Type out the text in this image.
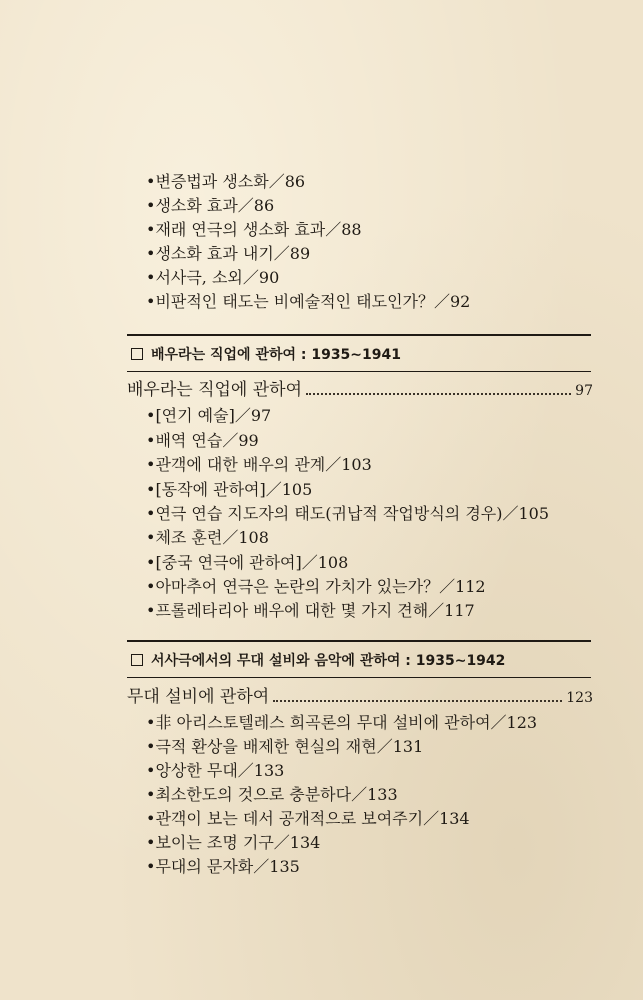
•변증법과 생소화／86
•생소화 효과／86
•재래 연극의 생소화 효과／88
•생소화 효과 내기／89
•서사극, 소외／90
•비판적인 태도는 비예술적인 태도인가？／92
배우라는 직업에 관하여 : 1935∼1941
배우라는 직업에 관하여	97
•[연기 예술]／97
•배역 연습／99
•관객에 대한 배우의 관계／103
•[동작에 관하여]／105
•연극 연습 지도자의 태도(귀납적 작업방식의 경우)／105
•체조 훈련／108
•[중국 연극에 관하여]／108
•아마추어 연극은 논란의 가치가 있는가？／112
•프롤레타리아 배우에 대한 몇 가지 견해／117
서사극에서의 무대 설비와 음악에 관하여 : 1935∼1942
무대 설비에 관하여	123
•非 아리스토텔레스 희곡론의 무대 설비에 관하여／123
•극적 환상을 배제한 현실의 재현／131
•앙상한 무대／133
•최소한도의 것으로 충분하다／133
•관객이 보는 데서 공개적으로 보여주기／134
•보이는 조명 기구／134
•무대의 문자화／135
